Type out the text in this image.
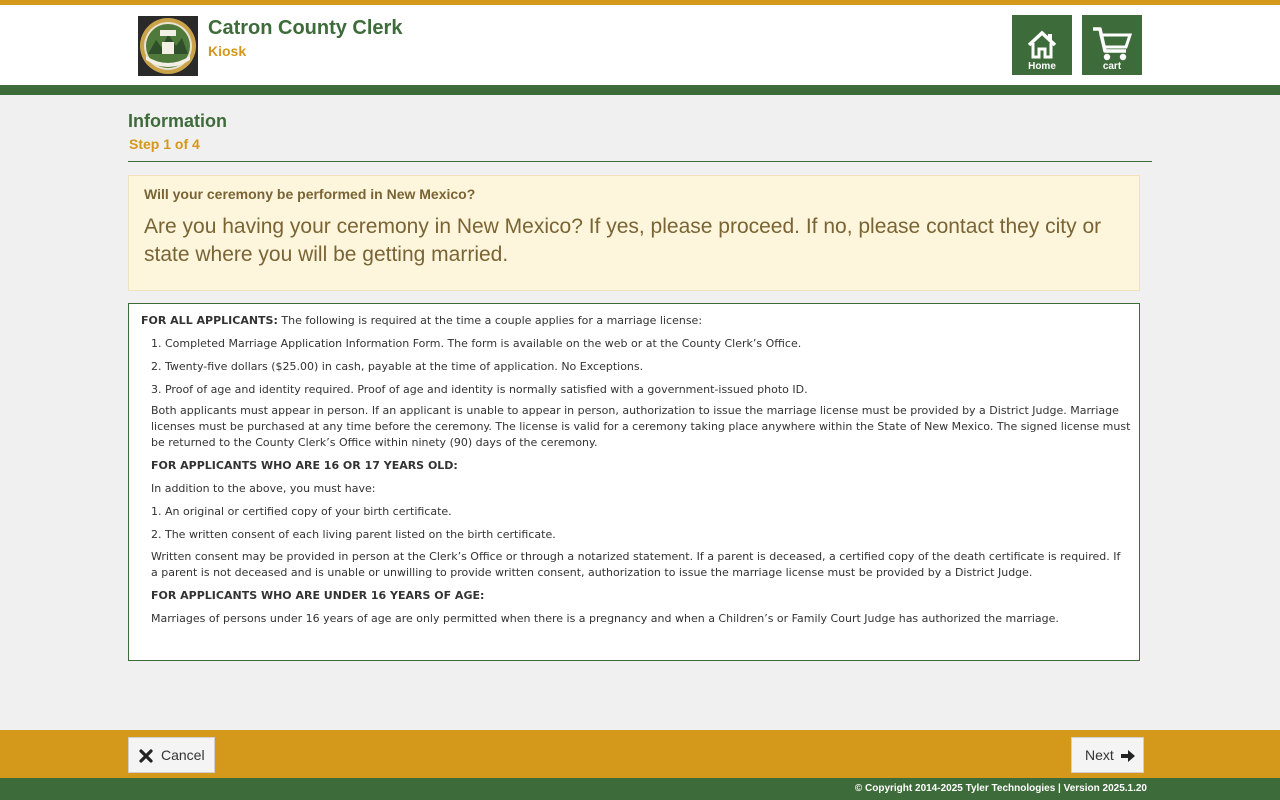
Catron County Clerk
Kiosk
Home	cart
Information
Step 1 of 4
Will your ceremony be performed in New Mexico?
Are you having your ceremony in New Mexico? If yes, please proceed. If no, please contact they city or state where you will be getting married.

FOR ALL APPLICANTS: The following is required at the time a couple applies for a marriage license:

1. Completed Marriage Application Information Form. The form is available on the web or at the County Clerk’s Office.

2. Twenty-five dollars ($25.00) in cash, payable at the time of application. No Exceptions.

3. Proof of age and identity required. Proof of age and identity is normally satisfied with a government-issued photo ID.

Both applicants must appear in person. If an applicant is unable to appear in person, authorization to issue the marriage license must be provided by a District Judge. Marriage licenses must be purchased at any time before the ceremony. The license is valid for a ceremony taking place anywhere within the State of New Mexico. The signed license must be returned to the County Clerk’s Office within ninety (90) days of the ceremony.

FOR APPLICANTS WHO ARE 16 OR 17 YEARS OLD:

In addition to the above, you must have:

1. An original or certified copy of your birth certificate.

2. The written consent of each living parent listed on the birth certificate.

Written consent may be provided in person at the Clerk’s Office or through a notarized statement. If a parent is deceased, a certified copy of the death certificate is required. If a parent is not deceased and is unable or unwilling to provide written consent, authorization to issue the marriage license must be provided by a District Judge.

FOR APPLICANTS WHO ARE UNDER 16 YEARS OF AGE:

Marriages of persons under 16 years of age are only permitted when there is a pregnancy and when a Children’s or Family Court Judge has authorized the marriage.

Cancel	Next
© Copyright 2014-2025 Tyler Technologies | Version 2025.1.20
